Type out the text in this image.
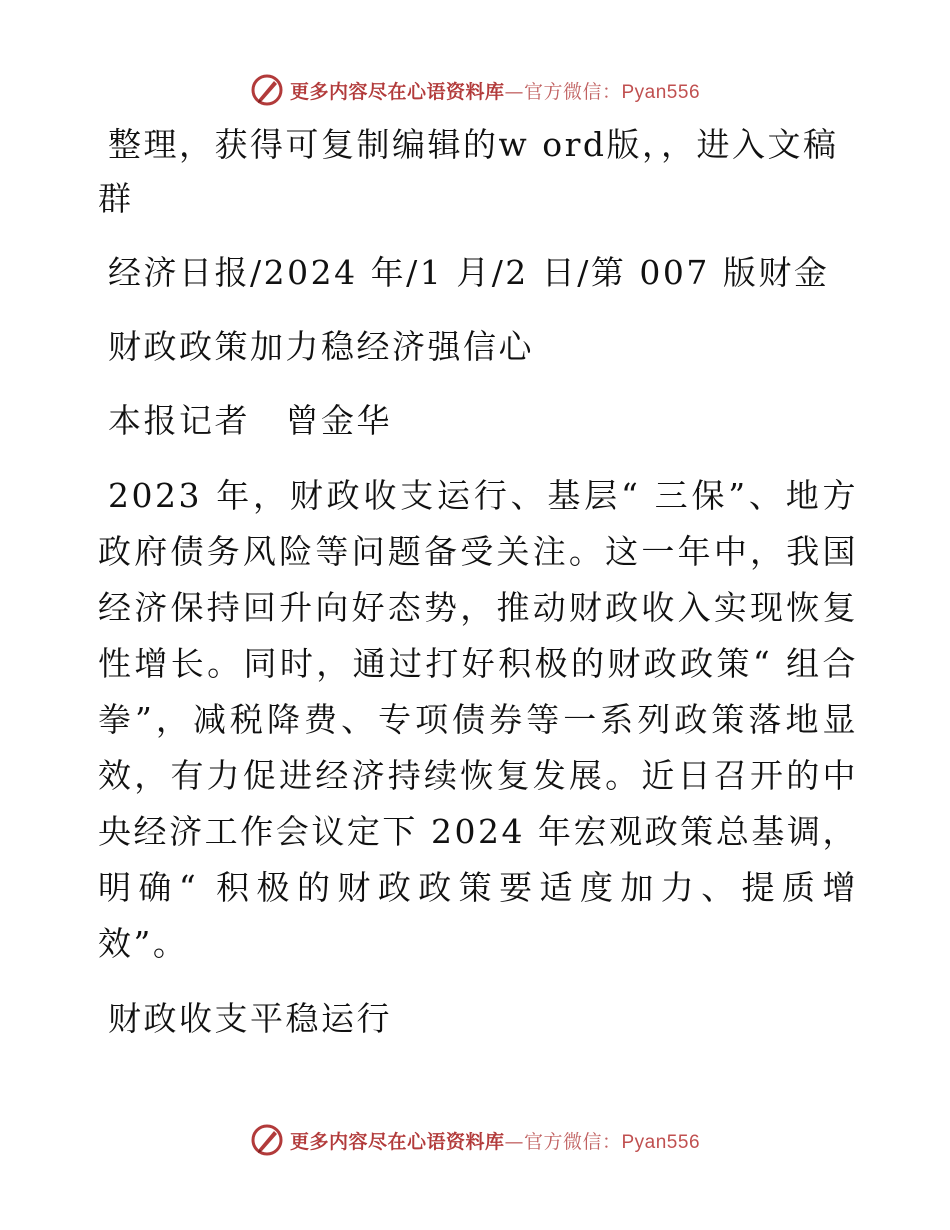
更多内容尽在心语资料库—官方微信：Pyan556

整理，获得可复制编辑的w ord版，，进入文稿群

经济日报/2024 年/1 月/2 日/第 007 版财金

财政政策加力稳经济强信心

本报记者　曾金华

2023 年，财政收支运行、基层“ 三保”、地方政府债务风险等问题备受关注。这一年中，我国经济保持回升向好态势，推动财政收入实现恢复性增长。同时，通过打好积极的财政政策“ 组合拳”，减税降费、专项债券等一系列政策落地显效，有力促进经济持续恢复发展。近日召开的中央经济工作会议定下 2024 年宏观政策总基调，明确“ 积极的财政政策要适度加力、提质增效”。

财政收支平稳运行

更多内容尽在心语资料库—官方微信：Pyan556
